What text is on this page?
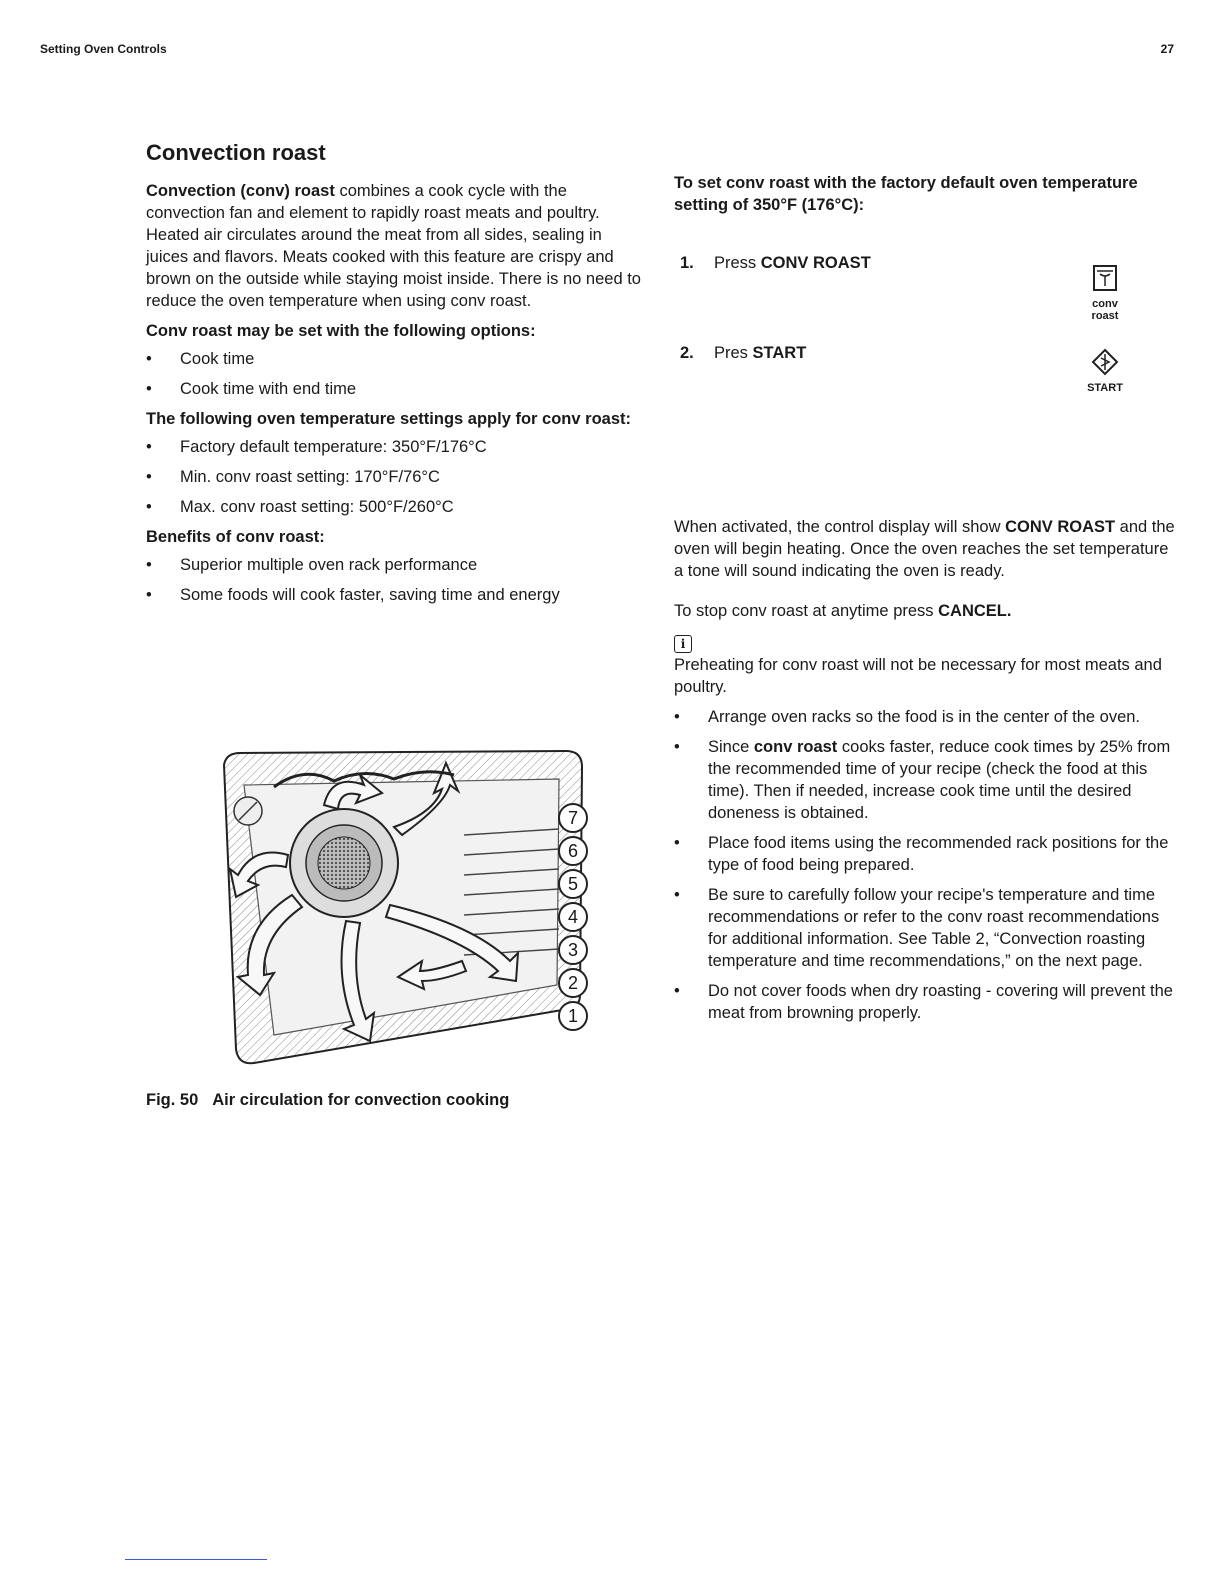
Setting Oven Controls	27
Convection roast

Convection (conv) roast combines a cook cycle with the convection fan and element to rapidly roast meats and poultry. Heated air circulates around the meat from all sides, sealing in juices and flavors. Meats cooked with this feature are crispy and brown on the outside while staying moist inside. There is no need to reduce the oven temperature when using conv roast.

Conv roast may be set with the following options:

• Cook time
• Cook time with end time

The following oven temperature settings apply for conv roast:

• Factory default temperature: 350°F/176°C
• Min. conv roast setting: 170°F/76°C
• Max. conv roast setting: 500°F/260°C

Benefits of conv roast:

• Superior multiple oven rack performance
• Some foods will cook faster, saving time and energy
7
6
5
4
3
2
1
Fig. 50 Air circulation for convection cooking

To set conv roast with the factory default oven temperature setting of 350°F (176°C):

1. Press CONV ROAST
conv
roast
2. Pres START
START

When activated, the control display will show CONV ROAST and the oven will begin heating. Once the oven reaches the set temperature a tone will sound indicating the oven is ready.

To stop conv roast at anytime press CANCEL.

i

Preheating for conv roast will not be necessary for most meats and poultry.

• Arrange oven racks so the food is in the center of the oven.
• Since conv roast cooks faster, reduce cook times by 25% from the recommended time of your recipe (check the food at this time). Then if needed, increase cook time until the desired doneness is obtained.
• Place food items using the recommended rack positions for the type of food being prepared.
• Be sure to carefully follow your recipe's temperature and time recommendations or refer to the conv roast recommendations for additional information. See Table 2, “Convection roasting temperature and time recommendations,” on the next page.
• Do not cover foods when dry roasting - covering will prevent the meat from browning properly.
